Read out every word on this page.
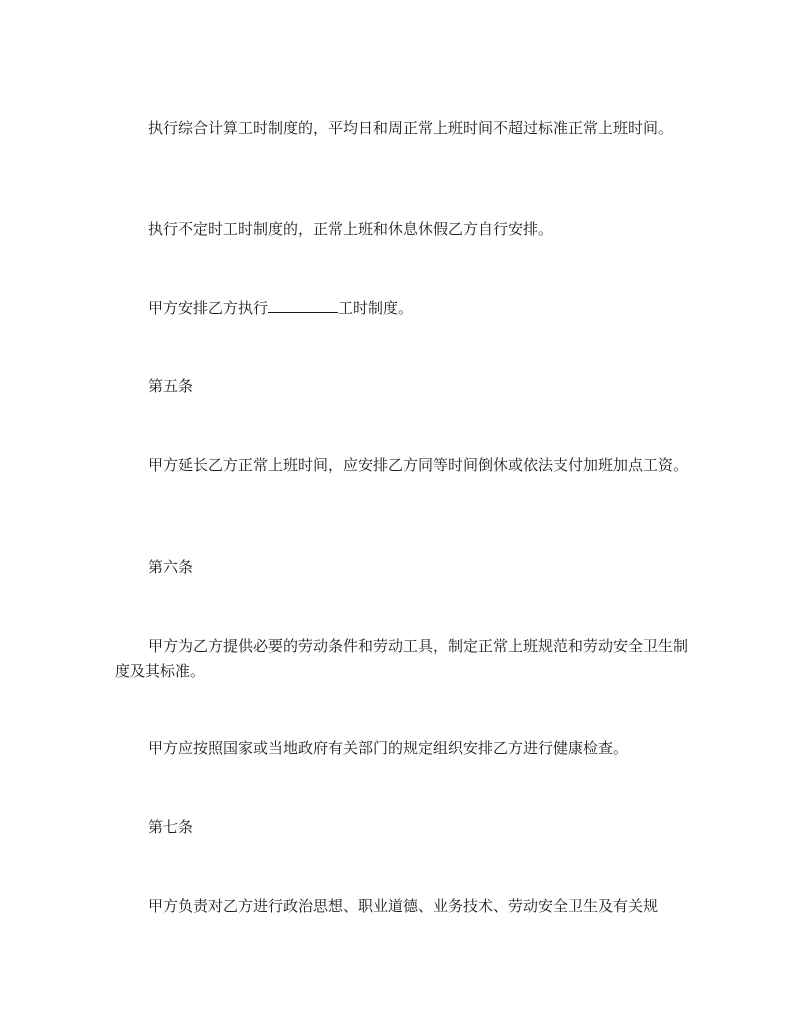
执行综合计算工时制度的，平均日和周正常上班时间不超过标准正常上班时间。

执行不定时工时制度的，正常上班和休息休假乙方自行安排。

甲方安排乙方执行	工时制度。

第五条

甲方延长乙方正常上班时间，应安排乙方同等时间倒休或依法支付加班加点工资。

第六条

甲方为乙方提供必要的劳动条件和劳动工具，制定正常上班规范和劳动安全卫生制度及其标准。

甲方应按照国家或当地政府有关部门的规定组织安排乙方进行健康检查。

第七条

甲方负责对乙方进行政治思想、职业道德、业务技术、劳动安全卫生及有关规
